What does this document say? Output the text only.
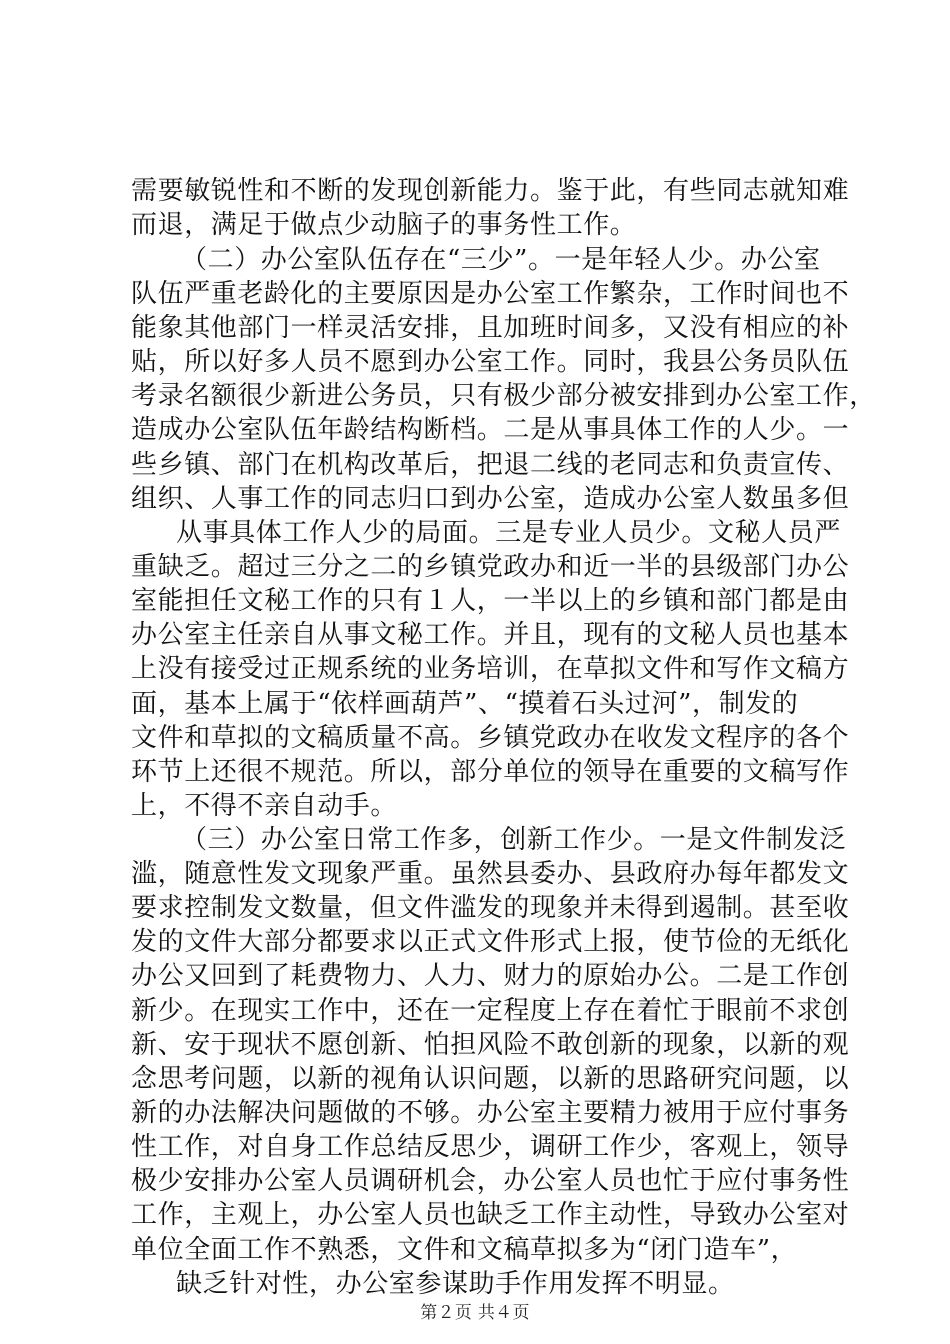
需要敏锐性和不断的发现创新能力。鉴于此，有些同志就知难
而退，满足于做点少动脑子的事务性工作。
（二）办公室队伍存在“三少”。一是年轻人少。办公室
队伍严重老龄化的主要原因是办公室工作繁杂，工作时间也不
能象其他部门一样灵活安排，且加班时间多，又没有相应的补
贴，所以好多人员不愿到办公室工作。同时，我县公务员队伍
考录名额很少新进公务员，只有极少部分被安排到办公室工作，
造成办公室队伍年龄结构断档。二是从事具体工作的人少。一
些乡镇、部门在机构改革后，把退二线的老同志和负责宣传、
组织、人事工作的同志归口到办公室，造成办公室人数虽多但
从事具体工作人少的局面。三是专业人员少。文秘人员严
重缺乏。超过三分之二的乡镇党政办和近一半的县级部门办公
室能担任文秘工作的只有１人，一半以上的乡镇和部门都是由
办公室主任亲自从事文秘工作。并且，现有的文秘人员也基本
上没有接受过正规系统的业务培训，在草拟文件和写作文稿方
面，基本上属于“依样画葫芦”、“摸着石头过河”，制发的
文件和草拟的文稿质量不高。乡镇党政办在收发文程序的各个
环节上还很不规范。所以，部分单位的领导在重要的文稿写作
上，不得不亲自动手。
（三）办公室日常工作多，创新工作少。一是文件制发泛
滥，随意性发文现象严重。虽然县委办、县政府办每年都发文
要求控制发文数量，但文件滥发的现象并未得到遏制。甚至收
发的文件大部分都要求以正式文件形式上报，使节俭的无纸化
办公又回到了耗费物力、人力、财力的原始办公。二是工作创
新少。在现实工作中，还在一定程度上存在着忙于眼前不求创
新、安于现状不愿创新、怕担风险不敢创新的现象，以新的观
念思考问题，以新的视角认识问题，以新的思路研究问题，以
新的办法解决问题做的不够。办公室主要精力被用于应付事务
性工作，对自身工作总结反思少，调研工作少，客观上，领导
极少安排办公室人员调研机会，办公室人员也忙于应付事务性
工作，主观上，办公室人员也缺乏工作主动性，导致办公室对
单位全面工作不熟悉，文件和文稿草拟多为“闭门造车”，
缺乏针对性，办公室参谋助手作用发挥不明显。
第２页 共４页
